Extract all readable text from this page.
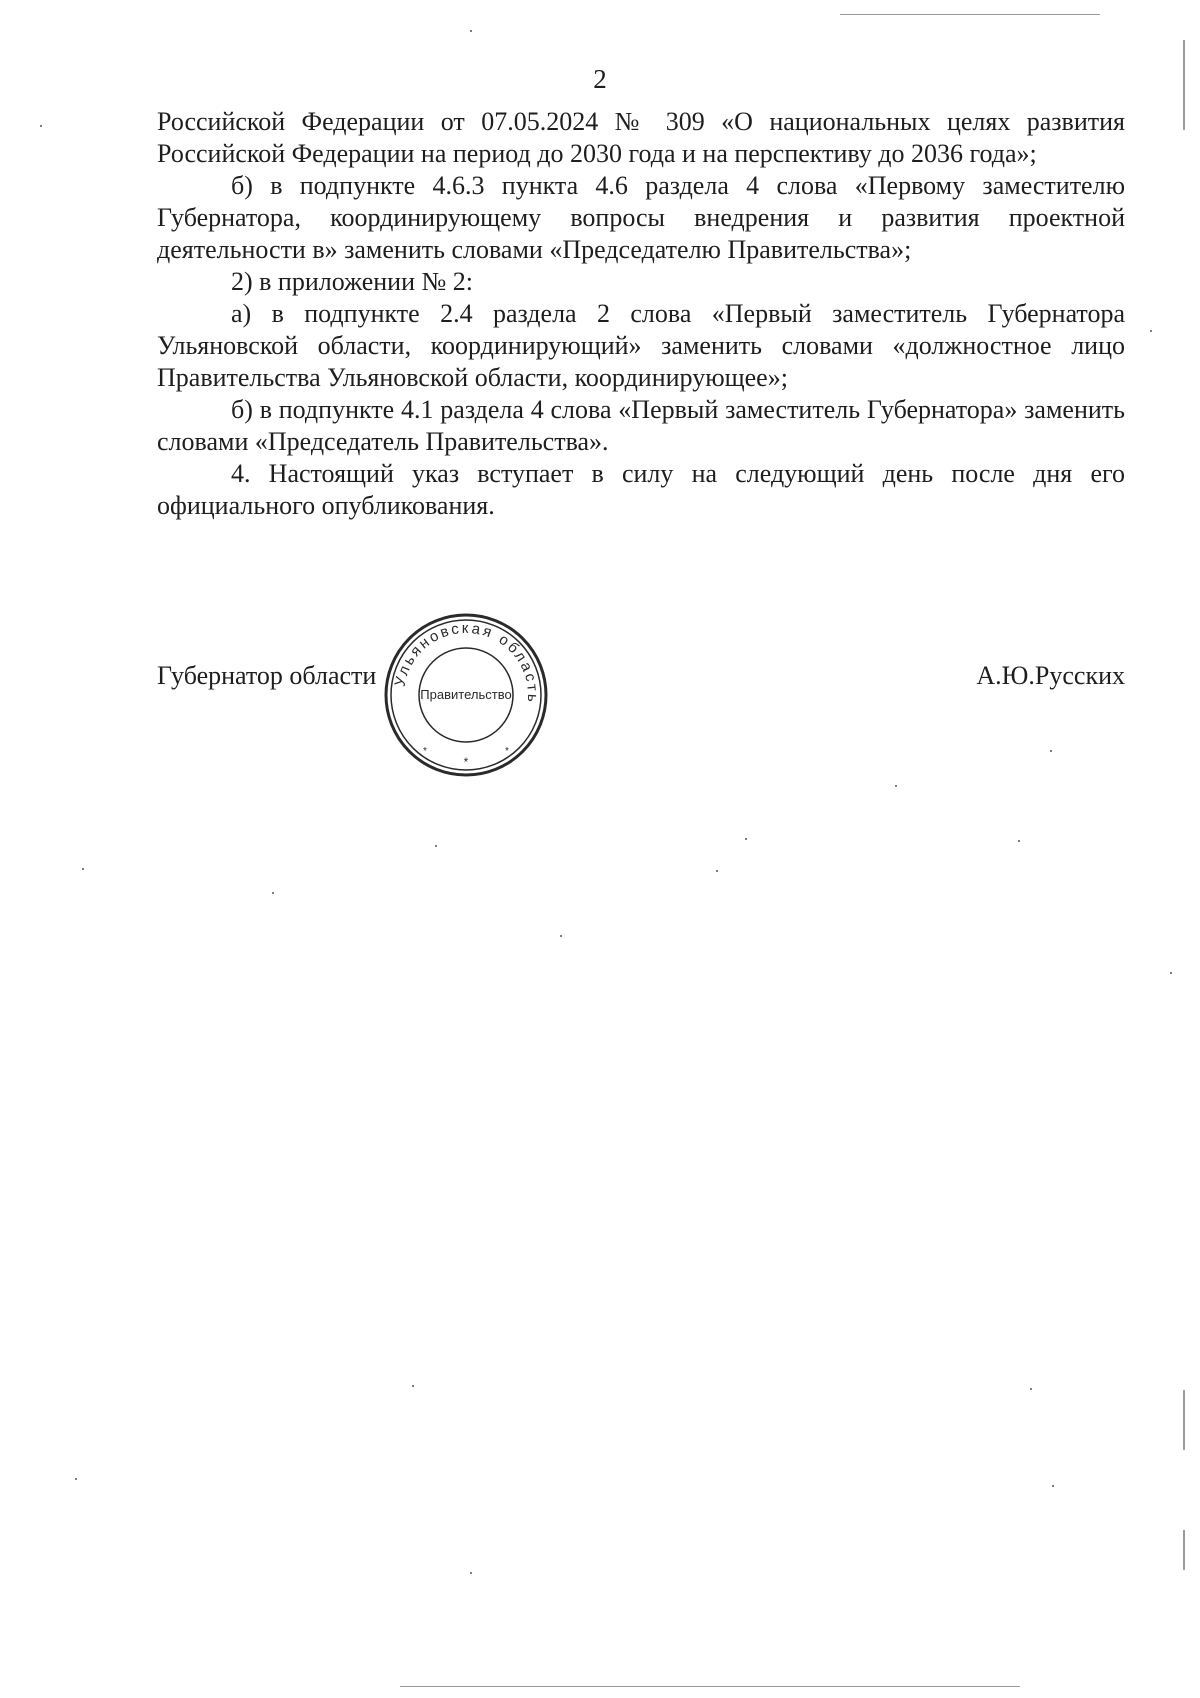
2

Российской Федерации от 07.05.2024 № 309 «О национальных целях развития Российской Федерации на период до 2030 года и на перспективу до 2036 года»;

б) в подпункте 4.6.3 пункта 4.6 раздела 4 слова «Первому заместителю Губернатора, координирующему вопросы внедрения и развития проектной деятельности в» заменить словами «Председателю Правительства»;

2) в приложении № 2:

а) в подпункте 2.4 раздела 2 слова «Первый заместитель Губернатора Ульяновской области, координирующий» заменить словами «должностное лицо Правительства Ульяновской области, координирующее»;

б) в подпункте 4.1 раздела 4 слова «Первый заместитель Губернатора» заменить словами «Председатель Правительства».

4. Настоящий указ вступает в силу на следующий день после дня его официального опубликования.

Губернатор области	А.Ю.Русских
Ульяновская область
Правительство
*
*	*
